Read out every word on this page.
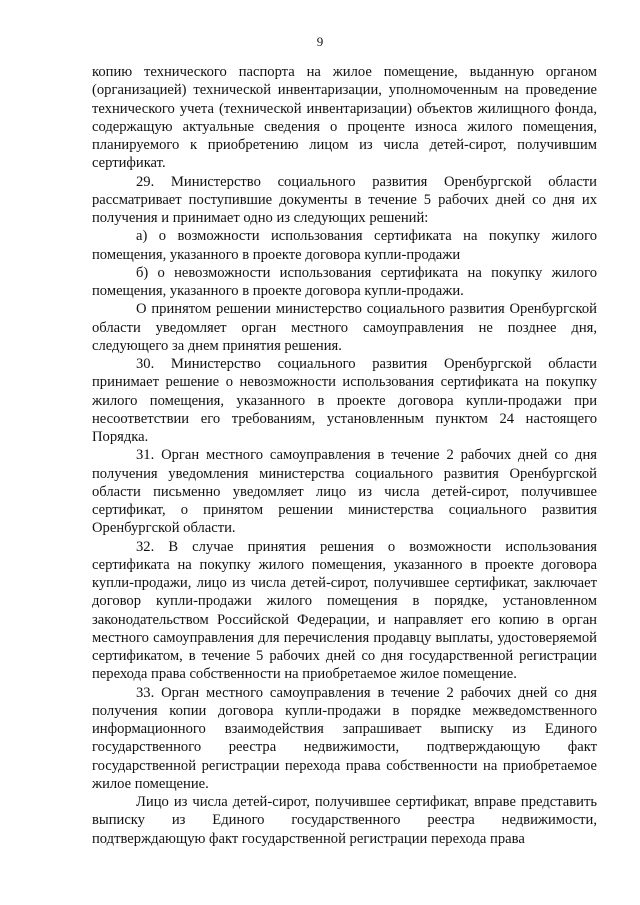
9

копию технического паспорта на жилое помещение, выданную органом (организацией) технической инвентаризации, уполномоченным на проведение технического учета (технической инвентаризации) объектов жилищного фонда, содержащую актуальные сведения о проценте износа жилого помещения, планируемого к приобретению лицом из числа детей-сирот, получившим сертификат.

29. Министерство социального развития Оренбургской области рассматривает поступившие документы в течение 5 рабочих дней со дня их получения и принимает одно из следующих решений:

а) о возможности использования сертификата на покупку жилого помещения, указанного в проекте договора купли-продажи

б) о невозможности использования сертификата на покупку жилого помещения, указанного в проекте договора купли-продажи.

О принятом решении министерство социального развития Оренбургской области уведомляет орган местного самоуправления не позднее дня, следующего за днем принятия решения.

30. Министерство социального развития Оренбургской области принимает решение о невозможности использования сертификата на покупку жилого помещения, указанного в проекте договора купли-продажи при несоответствии его требованиям, установленным пунктом 24 настоящего Порядка.

31. Орган местного самоуправления в течение 2 рабочих дней со дня получения уведомления министерства социального развития Оренбургской области письменно уведомляет лицо из числа детей-сирот, получившее сертификат, о принятом решении министерства социального развития Оренбургской области.

32. В случае принятия решения о возможности использования сертификата на покупку жилого помещения, указанного в проекте договора купли-продажи, лицо из числа детей-сирот, получившее сертификат, заключает договор купли-продажи жилого помещения в порядке, установленном законодательством Российской Федерации, и направляет его копию в орган местного самоуправления для перечисления продавцу выплаты, удостоверяемой сертификатом, в течение 5 рабочих дней со дня государственной регистрации перехода права собственности на приобретаемое жилое помещение.

33. Орган местного самоуправления в течение 2 рабочих дней со дня получения копии договора купли-продажи в порядке межведомственного информационного взаимодействия запрашивает выписку из Единого государственного реестра недвижимости, подтверждающую факт государственной регистрации перехода права собственности на приобретаемое жилое помещение.

Лицо из числа детей-сирот, получившее сертификат, вправе представить выписку из Единого государственного реестра недвижимости, подтверждающую факт государственной регистрации перехода права
